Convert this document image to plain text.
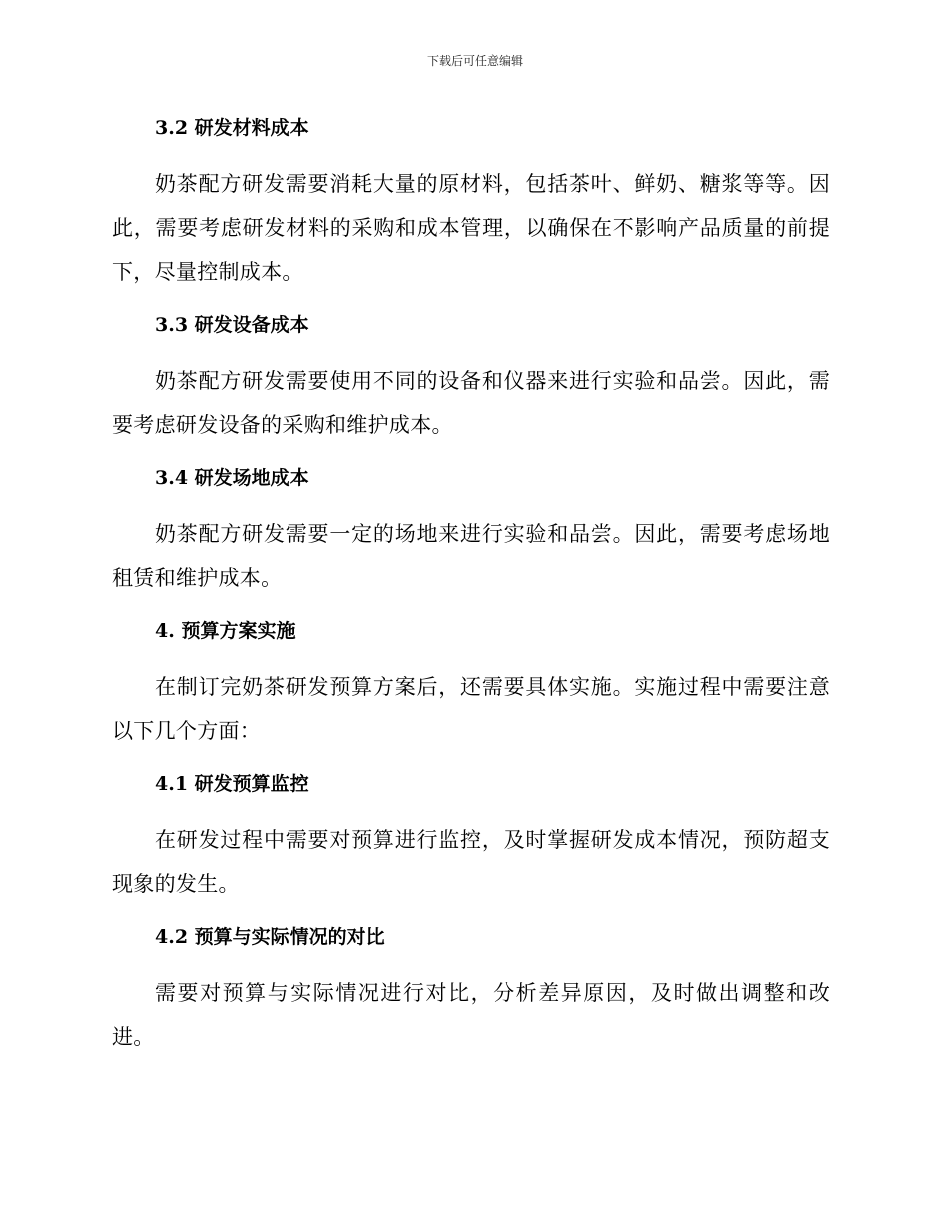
下载后可任意编辑
3.2 研发材料成本

奶茶配方研发需要消耗大量的原材料，包括茶叶、鲜奶、糖浆等等。因此，需要考虑研发材料的采购和成本管理，以确保在不影响产品质量的前提下，尽量控制成本。

3.3 研发设备成本

奶茶配方研发需要使用不同的设备和仪器来进行实验和品尝。因此，需要考虑研发设备的采购和维护成本。

3.4 研发场地成本

奶茶配方研发需要一定的场地来进行实验和品尝。因此，需要考虑场地租赁和维护成本。

4. 预算方案实施

在制订完奶茶研发预算方案后，还需要具体实施。实施过程中需要注意以下几个方面：

4.1 研发预算监控

在研发过程中需要对预算进行监控，及时掌握研发成本情况，预防超支现象的发生。

4.2 预算与实际情况的对比

需要对预算与实际情况进行对比，分析差异原因，及时做出调整和改进。
